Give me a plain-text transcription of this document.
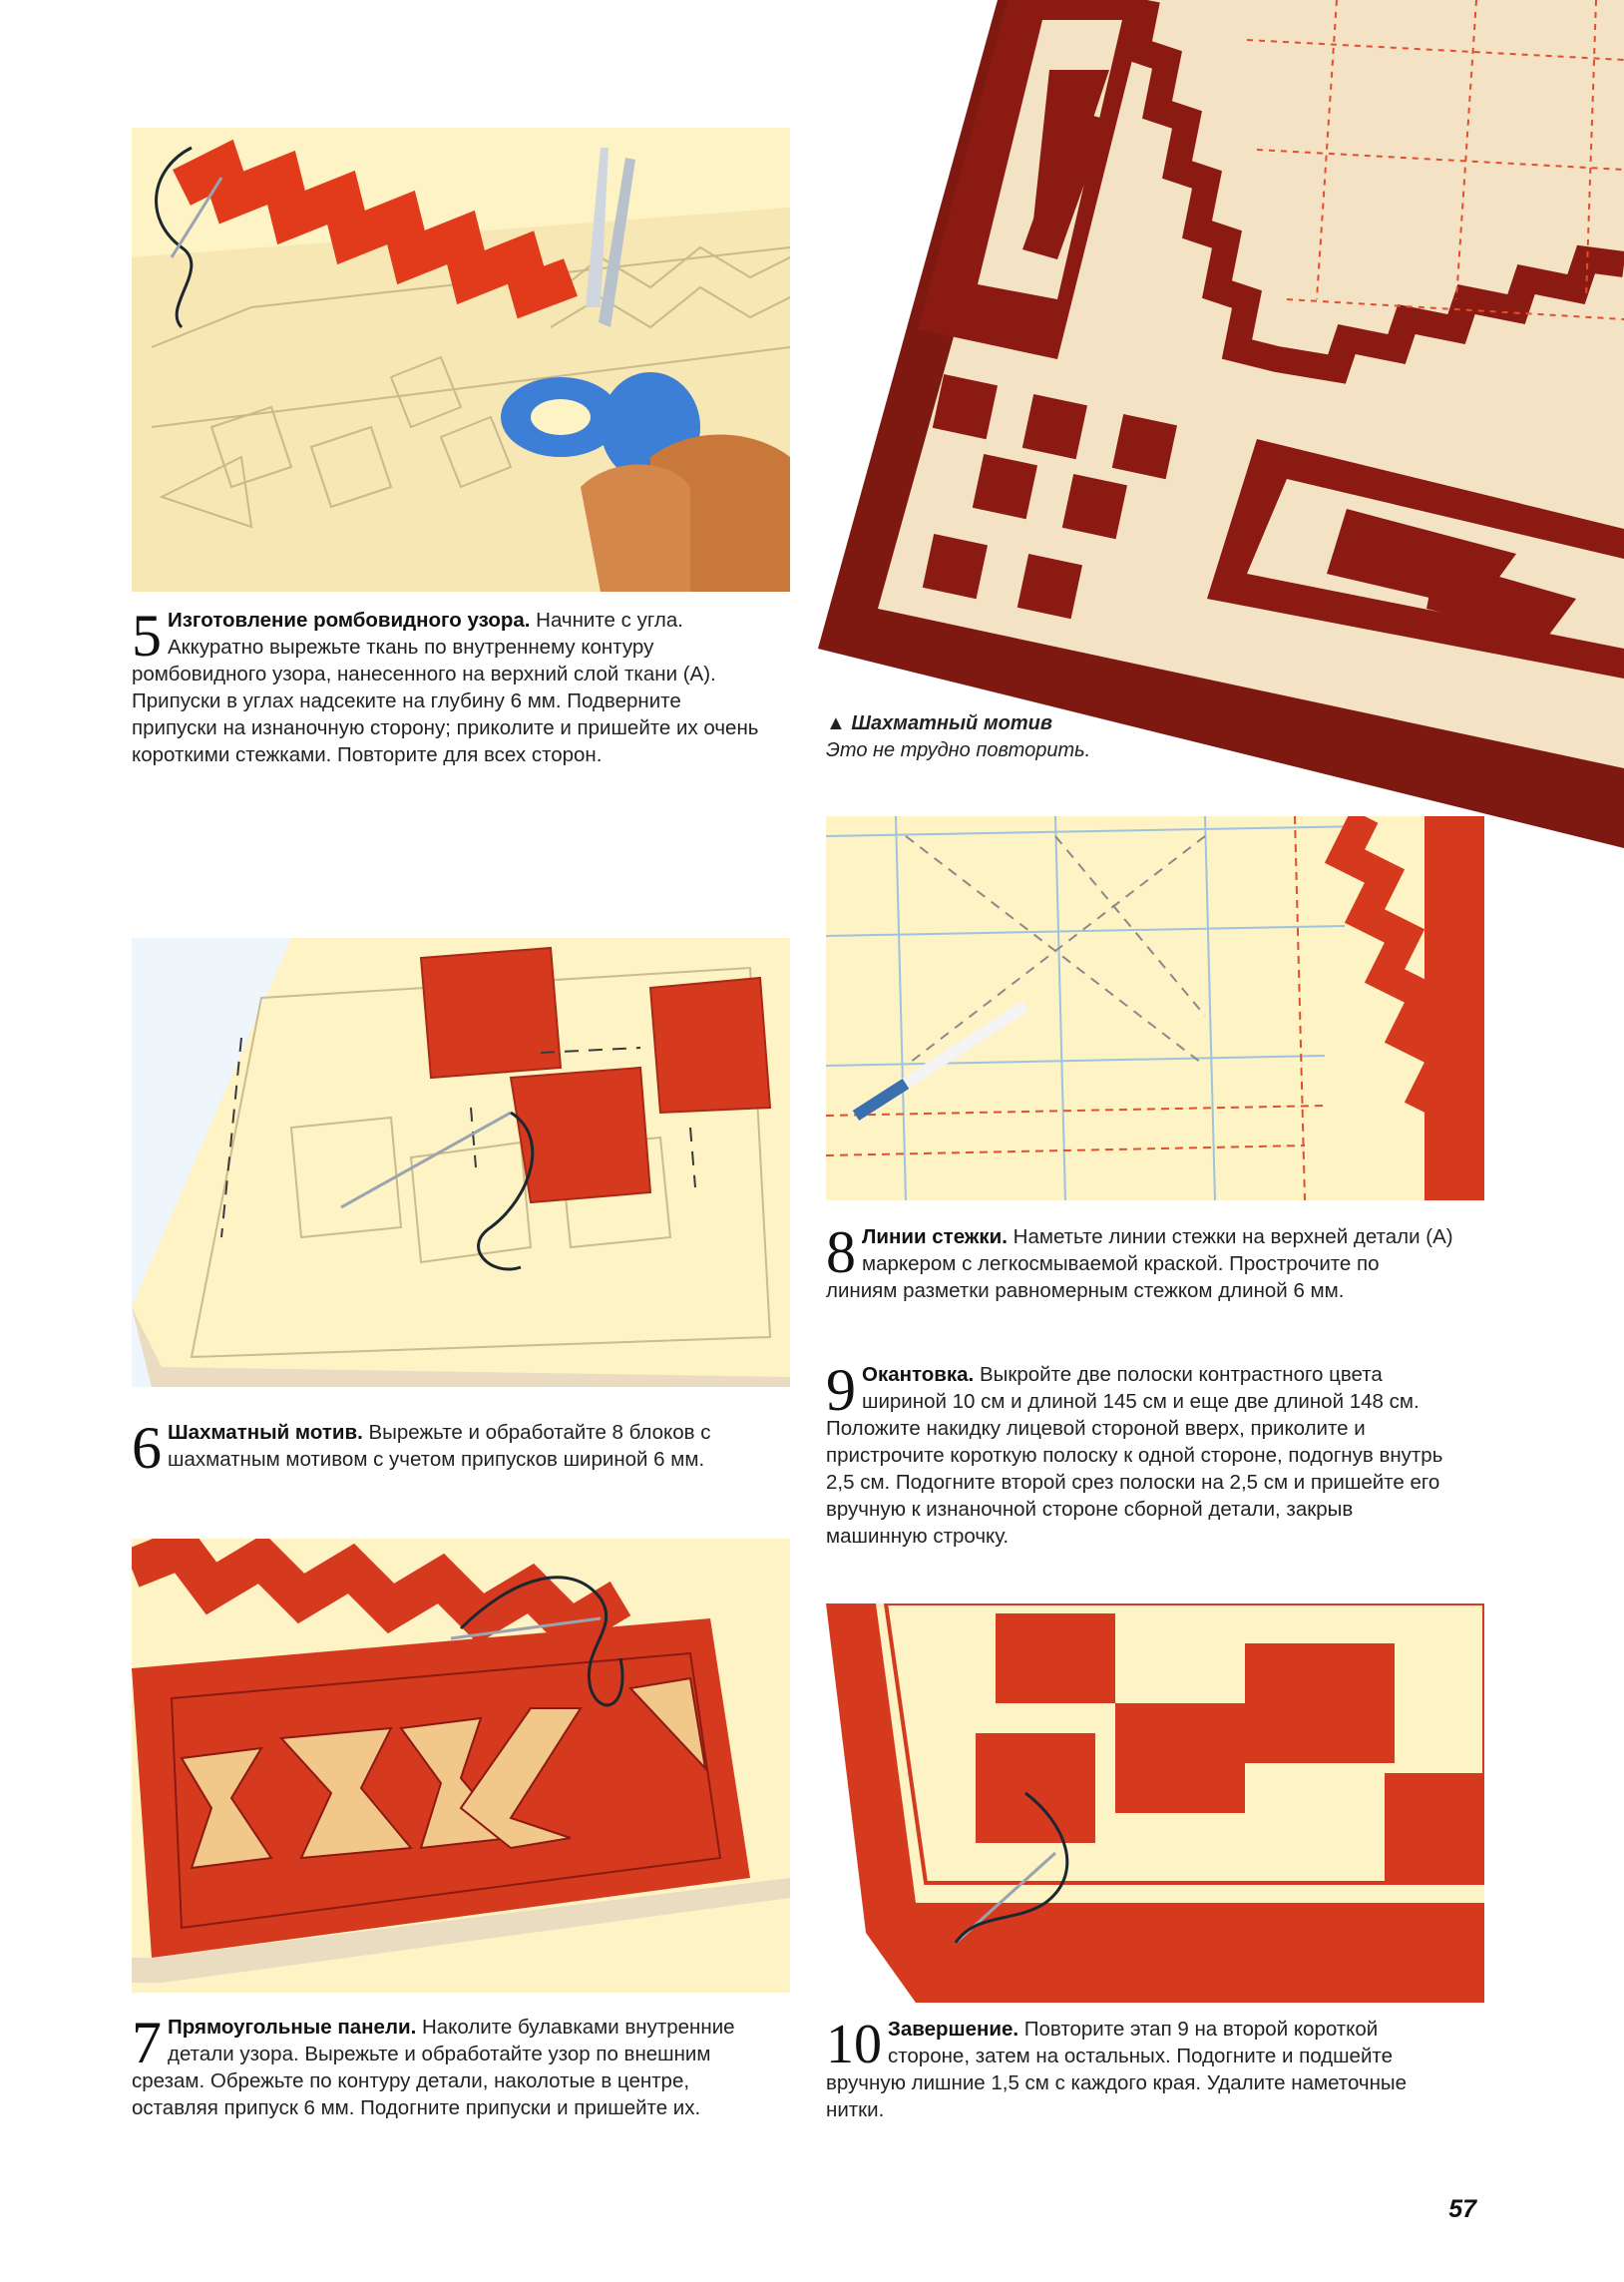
5 Изготовление ромбовидного узора. Начните с угла. Аккуратно вырежьте ткань по внутреннему контуру ромбовидного узора, нанесенного на верхний слой ткани (А). Припуски в углах надсеките на глубину 6 мм. Подверните припуски на изнаночную сторону; приколите и пришейте их очень короткими стежками. Повторите для всех сторон.
▲ Шахматный мотив
Это не трудно повторить.
6 Шахматный мотив. Вырежьте и обработайте 8 блоков с шахматным мотивом с учетом припусков шириной 6 мм.
8 Линии стежки. Наметьте линии стежки на верхней детали (А) маркером с легкосмываемой краской. Прострочите по линиям разметки равномерным стежком длиной 6 мм.
9 Окантовка. Выкройте две полоски контрастного цвета шириной 10 см и длиной 145 см и еще две длиной 148 см. Положите накидку лицевой стороной вверх, приколите и пристрочите короткую полоску к одной стороне, подогнув внутрь 2,5 см. Подогните второй срез полоски на 2,5 см и пришейте его вручную к изнаночной стороне сборной детали, закрыв машинную строчку.
7 Прямоугольные панели. Наколите булавками внутренние детали узора. Вырежьте и обработайте узор по внешним срезам. Обрежьте по контуру детали, наколотые в центре, оставляя припуск 6 мм. Подогните припуски и пришейте их.
10 Завершение. Повторите этап 9 на второй короткой стороне, затем на остальных. Подогните и подшейте вручную лишние 1,5 см с каждого края. Удалите наметочные нитки.
57
